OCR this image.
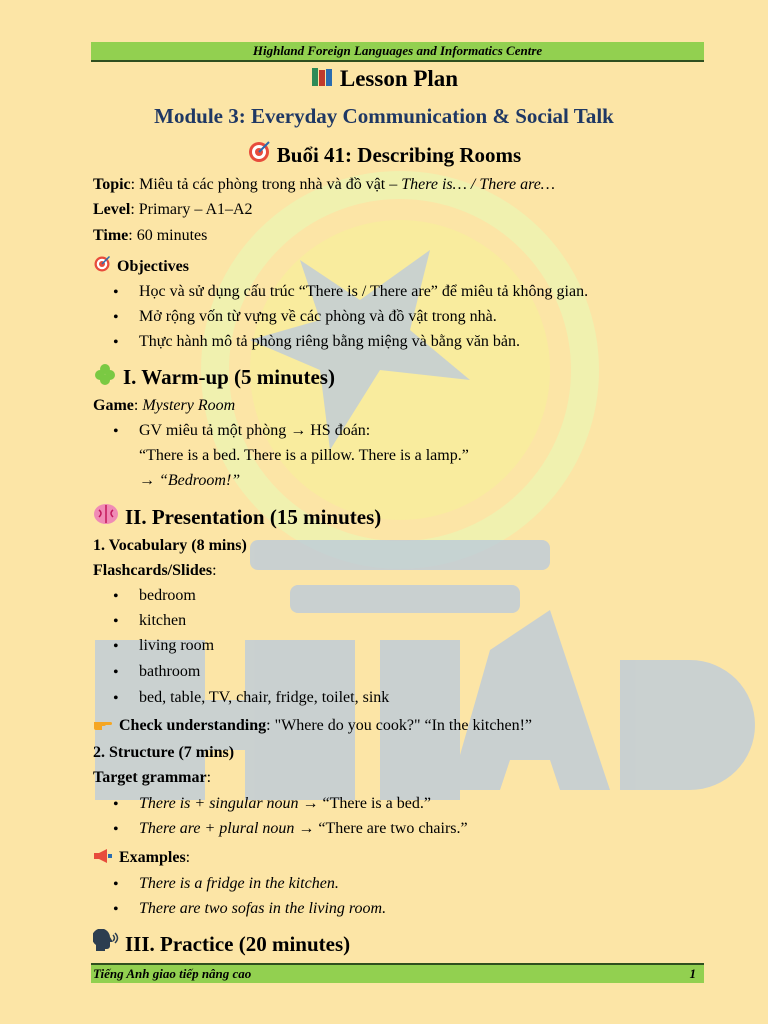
Highland Foreign Languages and Informatics Centre
Lesson Plan
Module 3: Everyday Communication & Social Talk
Buổi 41: Describing Rooms
Topic: Miêu tả các phòng trong nhà và đồ vật – There is… / There are…
Level: Primary – A1–A2
Time: 60 minutes
Objectives
• Học và sử dụng cấu trúc “There is / There are” để miêu tả không gian.
• Mở rộng vốn từ vựng về các phòng và đồ vật trong nhà.
• Thực hành mô tả phòng riêng bằng miệng và bằng văn bản.
I. Warm-up (5 minutes)
Game: Mystery Room
• GV miêu tả một phòng → HS đoán:
“There is a bed. There is a pillow. There is a lamp.”
→ “Bedroom!”
II. Presentation (15 minutes)
1. Vocabulary (8 mins)
Flashcards/Slides:
• bedroom
• kitchen
• living room
• bathroom
• bed, table, TV, chair, fridge, toilet, sink
Check understanding: "Where do you cook?" “In the kitchen!”
2. Structure (7 mins)
Target grammar:
• There is + singular noun → “There is a bed.”
• There are + plural noun → “There are two chairs.”
Examples:
• There is a fridge in the kitchen.
• There are two sofas in the living room.
III. Practice (20 minutes)
Tiếng Anh giao tiếp nâng cao	1
